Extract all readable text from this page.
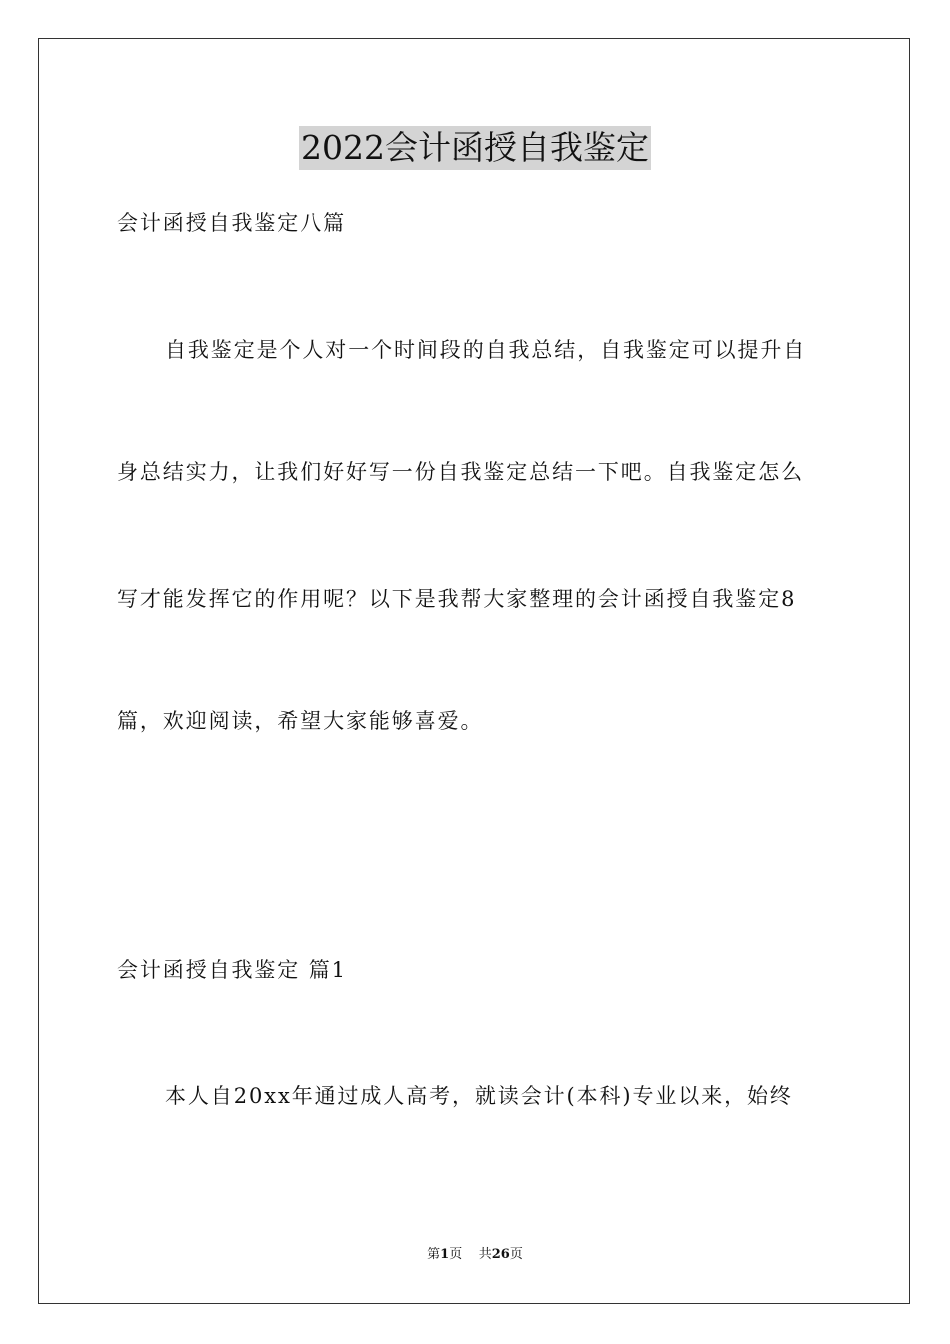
2022会计函授自我鉴定
会计函授自我鉴定八篇
自我鉴定是个人对一个时间段的自我总结，自我鉴定可以提升自
身总结实力，让我们好好写一份自我鉴定总结一下吧。自我鉴定怎么
写才能发挥它的作用呢？以下是我帮大家整理的会计函授自我鉴定8
篇，欢迎阅读，希望大家能够喜爱。
会计函授自我鉴定 篇1
本人自20xx年通过成人高考，就读会计(本科)专业以来，始终
第1页 共26页
